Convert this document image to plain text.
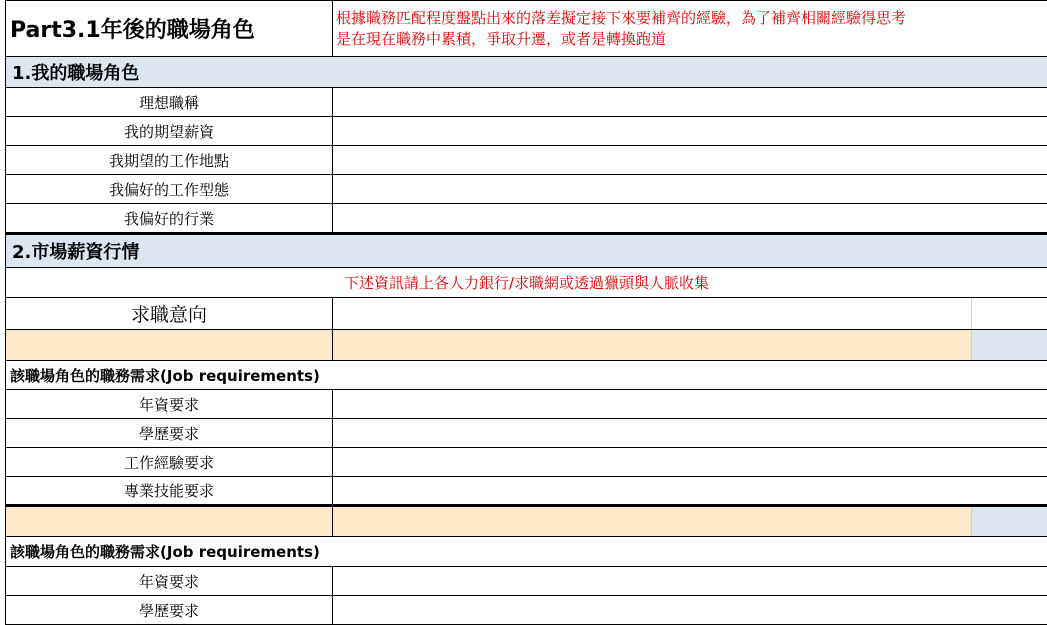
Part3.1年後的職場角色
根據職務匹配程度盤點出來的落差擬定接下來要補齊的經驗，為了補齊相關經驗得思考
是在現在職務中累積，爭取升遷，或者是轉換跑道
1.我的職場角色
理想職稱
我的期望薪資
我期望的工作地點
我偏好的工作型態
我偏好的行業
2.市場薪資行情
下述資訊請上各人力銀行/求職網或透過獵頭與人脈收集
求職意向
該職場角色的職務需求(Job requirements)
年資要求
學歷要求
工作經驗要求
專業技能要求
該職場角色的職務需求(Job requirements)
年資要求
學歷要求
